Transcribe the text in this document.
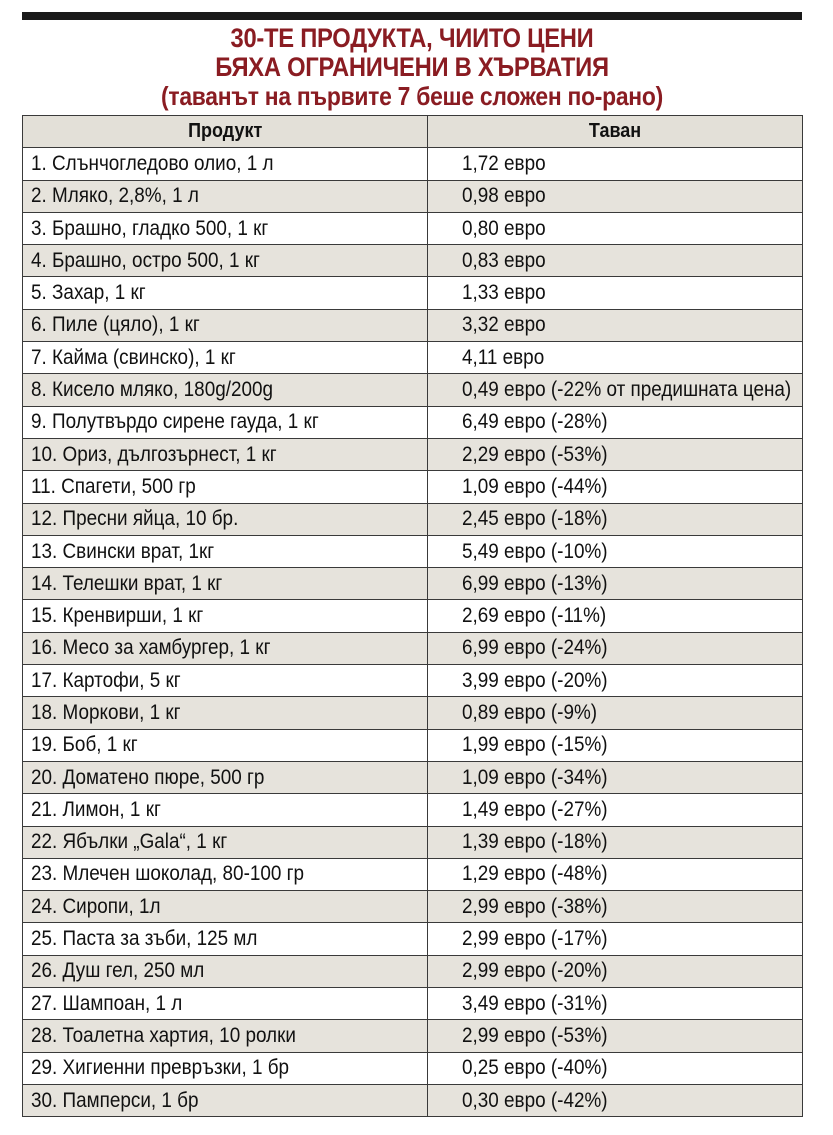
30-ТЕ ПРОДУКТА, ЧИИТО ЦЕНИ
БЯХА ОГРАНИЧЕНИ В ХЪРВАТИЯ
(таванът на първите 7 беше сложен по-рано)
Продукт	Таван
1. Слънчогледово олио, 1 л	1,72 евро
2. Мляко, 2,8%, 1 л	0,98 евро
3. Брашно, гладко 500, 1 кг	0,80 евро
4. Брашно, остро 500, 1 кг	0,83 евро
5. Захар, 1 кг	1,33 евро
6. Пиле (цяло), 1 кг	3,32 евро
7. Кайма (свинско), 1 кг	4,11 евро
8. Кисело мляко, 180g/200g	0,49 евро (-22% от предишната цена)
9. Полутвърдо сирене гауда, 1 кг	6,49 евро (-28%)
10. Ориз, дългозърнест, 1 кг	2,29 евро (-53%)
11. Спагети, 500 гр	1,09 евро (-44%)
12. Пресни яйца, 10 бр.	2,45 евро (-18%)
13. Свински врат, 1кг	5,49 евро (-10%)
14. Телешки врат, 1 кг	6,99 евро (-13%)
15. Кренвирши, 1 кг	2,69 евро (-11%)
16. Месо за хамбургер, 1 кг	6,99 евро (-24%)
17. Картофи, 5 кг	3,99 евро (-20%)
18. Моркови, 1 кг	0,89 евро (-9%)
19. Боб, 1 кг	1,99 евро (-15%)
20. Доматено пюре, 500 гр	1,09 евро (-34%)
21. Лимон, 1 кг	1,49 евро (-27%)
22. Ябълки „Gala“, 1 кг	1,39 евро (-18%)
23. Млечен шоколад, 80-100 гр	1,29 евро (-48%)
24. Сиропи, 1л	2,99 евро (-38%)
25. Паста за зъби, 125 мл	2,99 евро (-17%)
26. Душ гел, 250 мл	2,99 евро (-20%)
27. Шампоан, 1 л	3,49 евро (-31%)
28. Тоалетна хартия, 10 ролки	2,99 евро (-53%)
29. Хигиенни превръзки, 1 бр	0,25 евро (-40%)
30. Памперси, 1 бр	0,30 евро (-42%)
